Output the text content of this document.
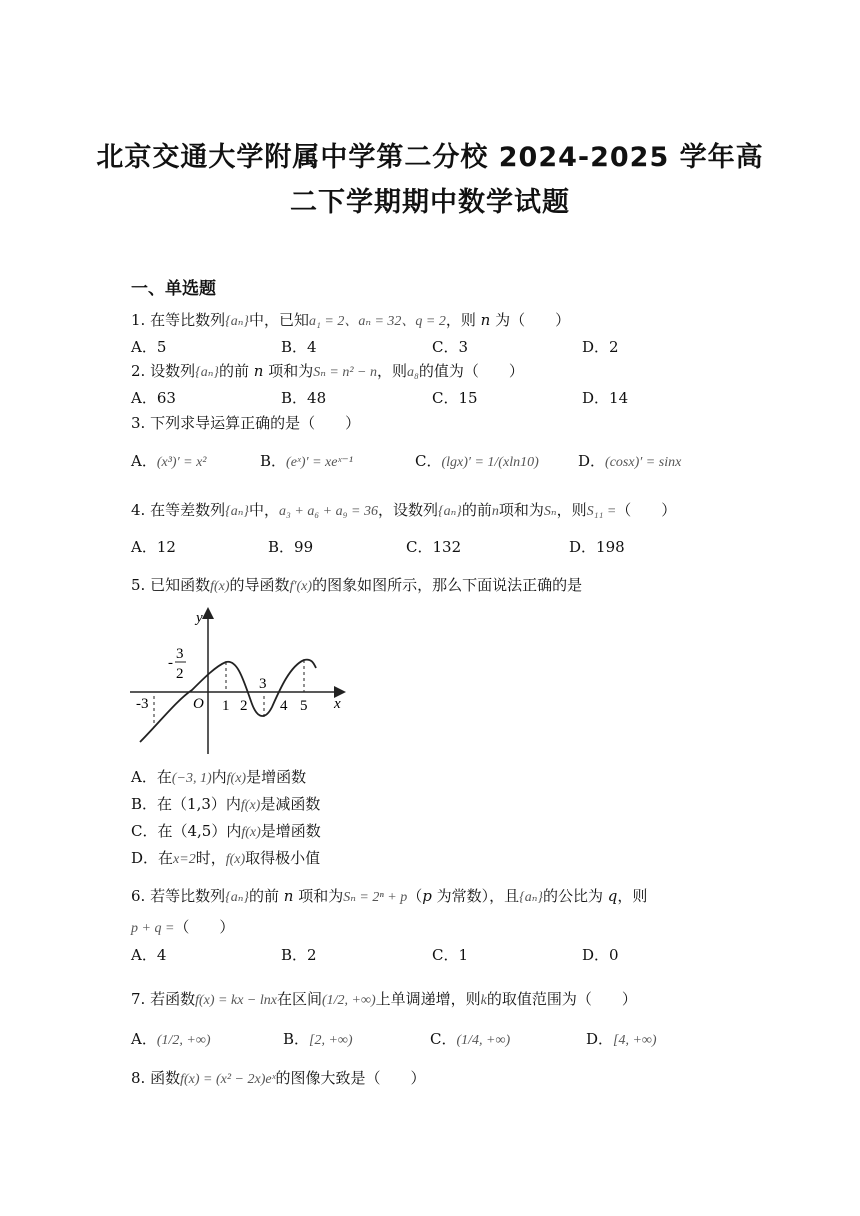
北京交通大学附属中学第二分校 2024-2025 学年高
二下学期期中数学试题
一、单选题
1. 在等比数列{aₙ}中，已知a₁ = 2、aₙ = 32、q = 2，则 n 为（　　）
A．5	B．4	C．3	D．2
2. 设数列{aₙ}的前 n 项和为Sₙ = n² − n，则a₈的值为（　　）
A．63	B．48	C．15	D．14
3. 下列求导运算正确的是（　　）
A．(x³)′ = x²	B．(eˣ)′ = xeˣ⁻¹	C．(lgx)′ = 1/(xln10)	D．(cosx)′ = sinx
4. 在等差数列{aₙ}中，a₃ + a₆ + a₉ = 36，设数列{aₙ}的前n项和为Sₙ，则S₁₁ =（　　）
A．12	B．99	C．132	D．198
5. 已知函数f(x)的导函数f′(x)的图象如图所示，那么下面说法正确的是
y
x
O
-3
-
3
2
1 2
3
4 5
A．在(−3, 1)内f(x)是增函数
B．在（1,3）内f(x)是减函数
C．在（4,5）内f(x)是增函数
D．在x=2时，f(x)取得极小值
6. 若等比数列{aₙ}的前 n 项和为Sₙ = 2ⁿ + p（p 为常数），且{aₙ}的公比为 q，则
p + q =（　　）
A．4	B．2	C．1	D．0
7. 若函数f(x) = kx − lnx在区间(1/2, +∞)上单调递增，则k的取值范围为（　　）
A．(1/2, +∞)	B．[2, +∞)	C．(1/4, +∞)	D．[4, +∞)
8. 函数f(x) = (x² − 2x)eˣ的图像大致是（　　）
